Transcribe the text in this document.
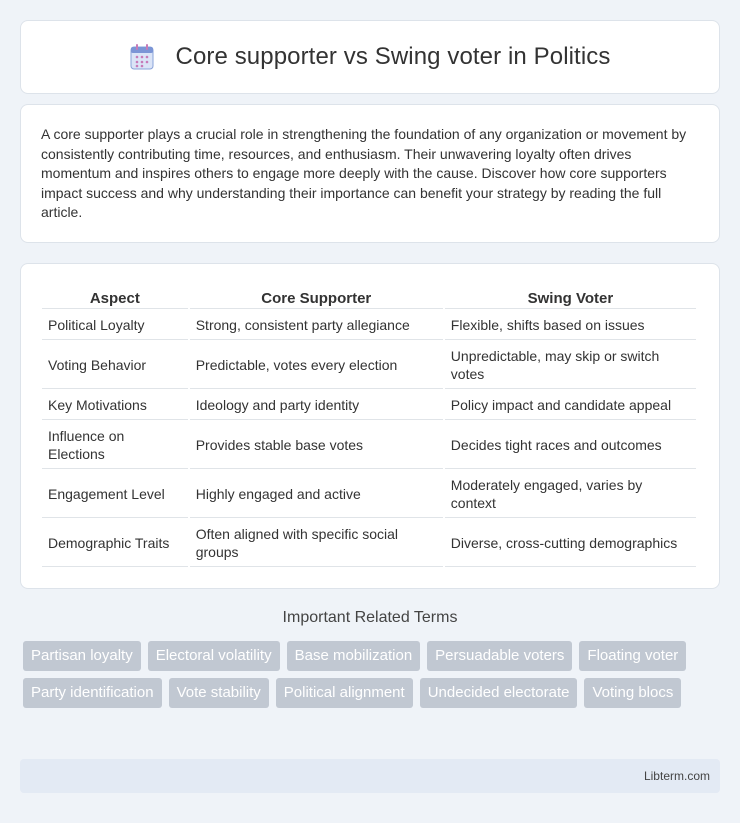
Core supporter vs Swing voter in Politics

A core supporter plays a crucial role in strengthening the foundation of any organization or movement by consistently contributing time, resources, and enthusiasm. Their unwavering loyalty often drives momentum and inspires others to engage more deeply with the cause. Discover how core supporters impact success and why understanding their importance can benefit your strategy by reading the full article.

Aspect	Core Supporter	Swing Voter
Political Loyalty	Strong, consistent party allegiance	Flexible, shifts based on issues
Voting Behavior	Predictable, votes every election	Unpredictable, may skip or switch votes
Key Motivations	Ideology and party identity	Policy impact and candidate appeal
Influence on Elections	Provides stable base votes	Decides tight races and outcomes
Engagement Level	Highly engaged and active	Moderately engaged, varies by context
Demographic Traits	Often aligned with specific social groups	Diverse, cross-cutting demographics
Important Related Terms
Partisan loyalty	Electoral volatility	Base mobilization	Persuadable voters	Floating voter
Party identification	Vote stability	Political alignment	Undecided electorate	Voting blocs
Libterm.com
